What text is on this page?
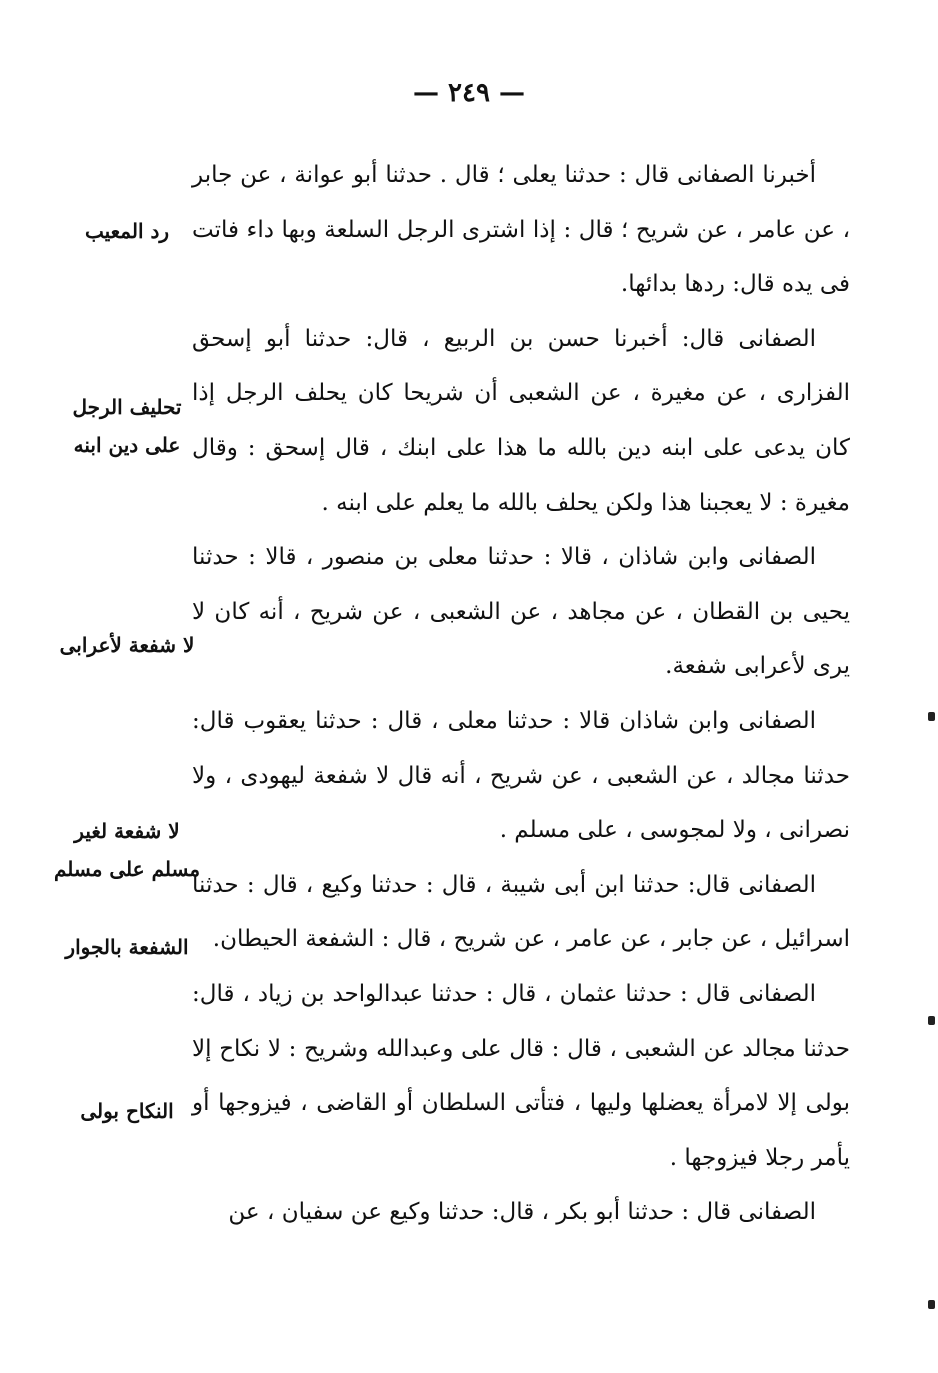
— ٢٤٩ —

أخبرنا الصفانى قال : حدثنا يعلى ؛ قال . حدثنا أبو عوانة ، عن جابر ، عن عامر ، عن شريح ؛ قال : إذا اشترى الرجل السلعة وبها داء فاتت فى يده قال: ردها بدائها.

الصفانى قال: أخبرنا حسن بن الربيع ، قال: حدثنا أبو إسحق الفزارى ، عن مغيرة ، عن الشعبى أن شريحا كان يحلف الرجل إذا كان يدعى على ابنه دين بالله ما هذا على ابنك ، قال إسحق : وقال مغيرة : لا يعجبنا هذا ولكن يحلف بالله ما يعلم على ابنه .

الصفانى وابن شاذان ، قالا : حدثنا معلى بن منصور ، قالا : حدثنا يحيى بن القطان ، عن مجاهد ، عن الشعبى ، عن شريح ، أنه كان لا يرى لأعرابى شفعة.

الصفانى وابن شاذان قالا : حدثنا معلى ، قال : حدثنا يعقوب قال: حدثنا مجالد ، عن الشعبى ، عن شريح ، أنه قال لا شفعة ليهودى ، ولا نصرانى ، ولا لمجوسى ، على مسلم .

الصفانى قال: حدثنا ابن أبى شيبة ، قال : حدثنا وكيع ، قال : حدثنا اسرائيل ، عن جابر ، عن عامر ، عن شريح ، قال : الشفعة الحيطان.

الصفانى قال : حدثنا عثمان ، قال : حدثنا عبدالواحد بن زياد ، قال: حدثنا مجالد عن الشعبى ، قال : قال على وعبدالله وشريح : لا نكاح إلا بولى إلا لامرأة يعضلها وليها ، فتأتى السلطان أو القاضى ، فيزوجها أو يأمر رجلا فيزوجها .

الصفانى قال : حدثنا أبو بكر ، قال: حدثنا وكيع عن سفيان ، عن

رد المعيب
تحليف الرجل على دين ابنه
لا شفعة لأعرابى
لا شفعة لغير مسلم على مسلم
الشفعة بالجوار
النكاح بولى
